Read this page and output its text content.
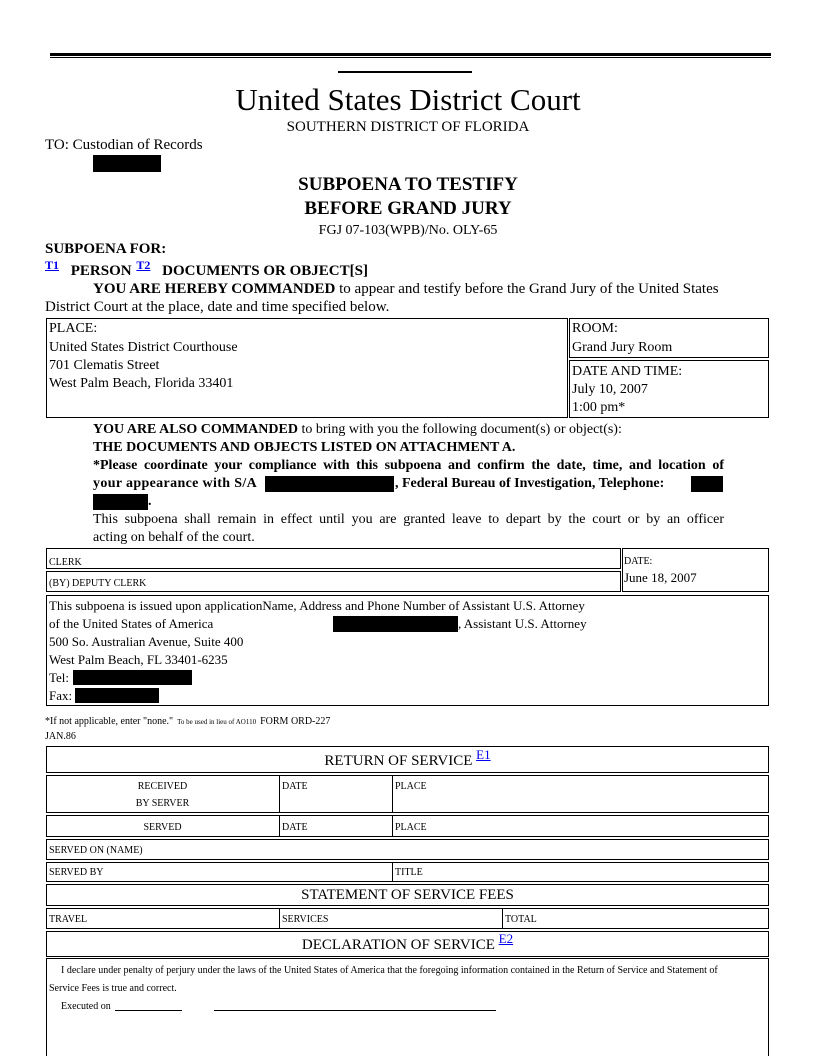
United States District Court
SOUTHERN DISTRICT OF FLORIDA
TO: Custodian of Records
SUBPOENA TO TESTIFY
BEFORE GRAND JURY
FGJ 07-103(WPB)/No. OLY-65
SUBPOENA FOR:
$^{T1}$ PERSON $^{T2}$ DOCUMENTS OR OBJECT[S]
YOU ARE HEREBY COMMANDED to appear and testify before the Grand Jury of the United States
District Court at the place, date and time specified below.
PLACE:
United States District Courthouse
701 Clematis Street
West Palm Beach, Florida 33401
ROOM:
Grand Jury Room
DATE AND TIME:
July 10, 2007
1:00 pm*
YOU ARE ALSO COMMANDED to bring with you the following document(s) or object(s):
THE DOCUMENTS AND OBJECTS LISTED ON ATTACHMENT A.
*Please coordinate your compliance with this subpoena and confirm the date, time, and location of
your appearance with S/A	, Federal Bureau of Investigation, Telephone:
.
This subpoena shall remain in effect until you are granted leave to depart by the court or by an officer
acting on behalf of the court.
CLERK
(BY) DEPUTY CLERK
DATE:
June 18, 2007
This subpoena is issued upon applicationName, Address and Phone Number of Assistant U.S. Attorney
of the United States of America	, Assistant U.S. Attorney
500 So. Australian Avenue, Suite 400
West Palm Beach, FL 33401-6235
Tel:
Fax:
*If not applicable, enter "none." To be used in lieu of AO110 FORM ORD-227
JAN.86
RETURN OF SERVICE E1
RECEIVED
BY SERVER
DATE	PLACE
SERVED	DATE	PLACE
SERVED ON (NAME)
SERVED BY	TITLE
STATEMENT OF SERVICE FEES
TRAVEL	SERVICES	TOTAL
DECLARATION OF SERVICE E2
I declare under penalty of perjury under the laws of the United States of America that the foregoing information contained in the Return of Service and Statement of
Service Fees is true and correct.
Executed on
